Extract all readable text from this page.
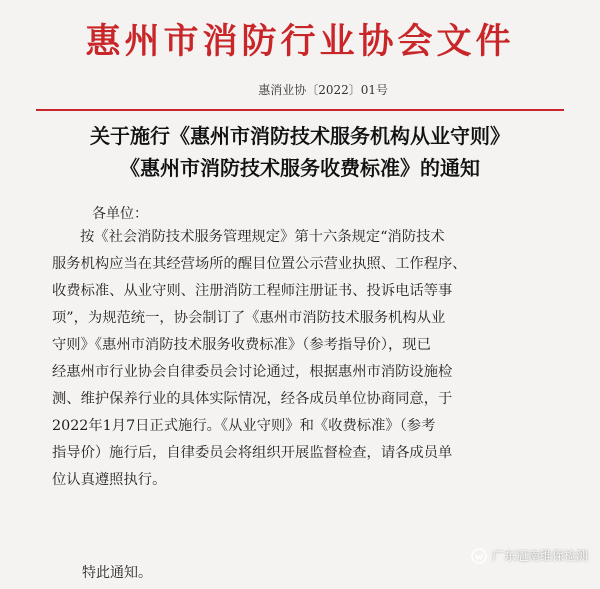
惠州市消防行业协会文件
惠消业协〔2022〕01号
关于施行《惠州市消防技术服务机构从业守则》
《惠州市消防技术服务收费标准》的通知
各单位：
按《社会消防技术服务管理规定》第十六条规定“消防技术
服务机构应当在其经营场所的醒目位置公示营业执照、工作程序、
收费标准、从业守则、注册消防工程师注册证书、投诉电话等事
项”，为规范统一，协会制订了《惠州市消防技术服务机构从业
守则》《惠州市消防技术服务收费标准》（参考指导价），现已
经惠州市行业协会自律委员会讨论通过，根据惠州市消防设施检
测、维护保养行业的具体实际情况，经各成员单位协商同意，于
2022年1月7日正式施行。《从业守则》和《收费标准》（参考
指导价）施行后，自律委员会将组织开展监督检查，请各成员单
位认真遵照执行。
特此通知。
广东冠南维保检测
